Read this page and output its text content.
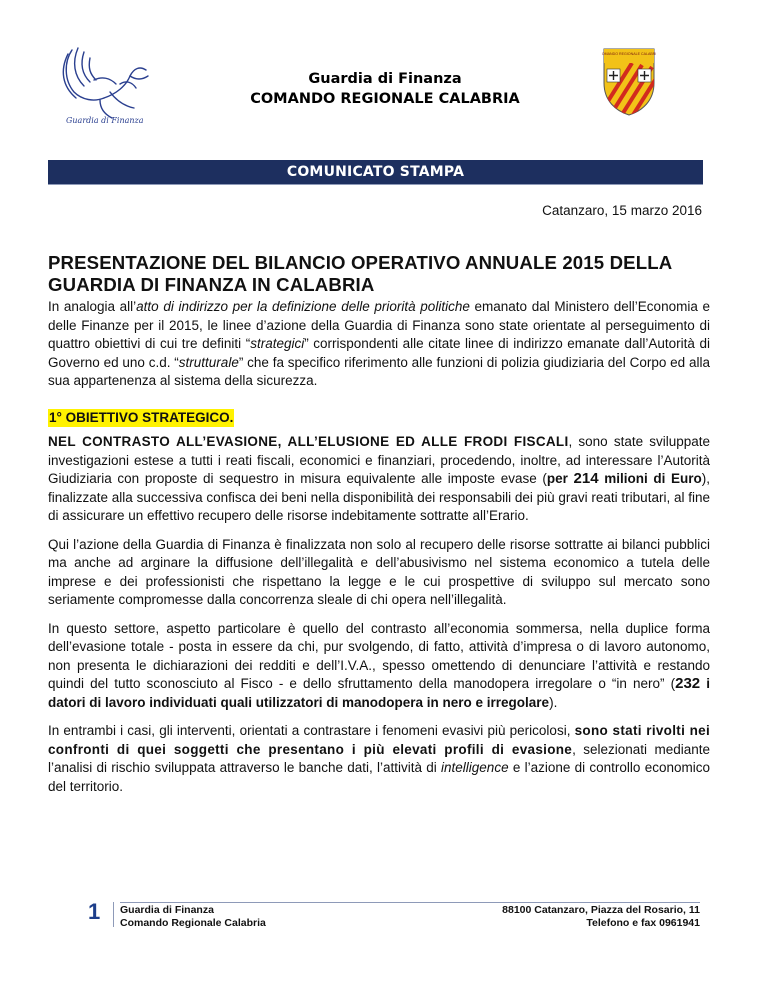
Guardia di Finanza
Guardia di Finanza
COMANDO REGIONALE CALABRIA
COMANDO REGIONALE CALABRIA
COMUNICATO STAMPA
Catanzaro, 15 marzo 2016
PRESENTAZIONE DEL BILANCIO OPERATIVO ANNUALE 2015 DELLA GUARDIA DI FINANZA IN CALABRIA

In analogia all’atto di indirizzo per la definizione delle priorità politiche emanato dal Ministero dell’Economia e delle Finanze per il 2015, le linee d’azione della Guardia di Finanza sono state orientate al perseguimento di quattro obiettivi di cui tre definiti “strategici” corrispondenti alle citate linee di indirizzo emanate dall’Autorità di Governo ed uno c.d. “strutturale” che fa specifico riferimento alle funzioni di polizia giudiziaria del Corpo ed alla sua appartenenza al sistema della sicurezza.

1° OBIETTIVO STRATEGICO.

NEL CONTRASTO ALL’EVASIONE, ALL’ELUSIONE ED ALLE FRODI FISCALI, sono state sviluppate investigazioni estese a tutti i reati fiscali, economici e finanziari, procedendo, inoltre, ad interessare l’Autorità Giudiziaria con proposte di sequestro in misura equivalente alle imposte evase (per 214 milioni di Euro), finalizzate alla successiva confisca dei beni nella disponibilità dei responsabili dei più gravi reati tributari, al fine di assicurare un effettivo recupero delle risorse indebitamente sottratte all’Erario.

Qui l’azione della Guardia di Finanza è finalizzata non solo al recupero delle risorse sottratte ai bilanci pubblici ma anche ad arginare la diffusione dell’illegalità e dell’abusivismo nel sistema economico a tutela delle imprese e dei professionisti che rispettano la legge e le cui prospettive di sviluppo sul mercato sono seriamente compromesse dalla concorrenza sleale di chi opera nell’illegalità.

In questo settore, aspetto particolare è quello del contrasto all’economia sommersa, nella duplice forma dell’evasione totale - posta in essere da chi, pur svolgendo, di fatto, attività d’impresa o di lavoro autonomo, non presenta le dichiarazioni dei redditi e dell’I.V.A., spesso omettendo di denunciare l’attività e restando quindi del tutto sconosciuto al Fisco - e dello sfruttamento della manodopera irregolare o “in nero” (232 i datori di lavoro individuati quali utilizzatori di manodopera in nero e irregolare).

In entrambi i casi, gli interventi, orientati a contrastare i fenomeni evasivi più pericolosi, sono stati rivolti nei confronti di quei soggetti che presentano i più elevati profili di evasione, selezionati mediante l’analisi di rischio sviluppata attraverso le banche dati, l’attività di intelligence e l’azione di controllo economico del territorio.

1 Guardia di Finanza
Comando Regionale Calabria
88100 Catanzaro, Piazza del Rosario, 11
Telefono e fax 0961941
